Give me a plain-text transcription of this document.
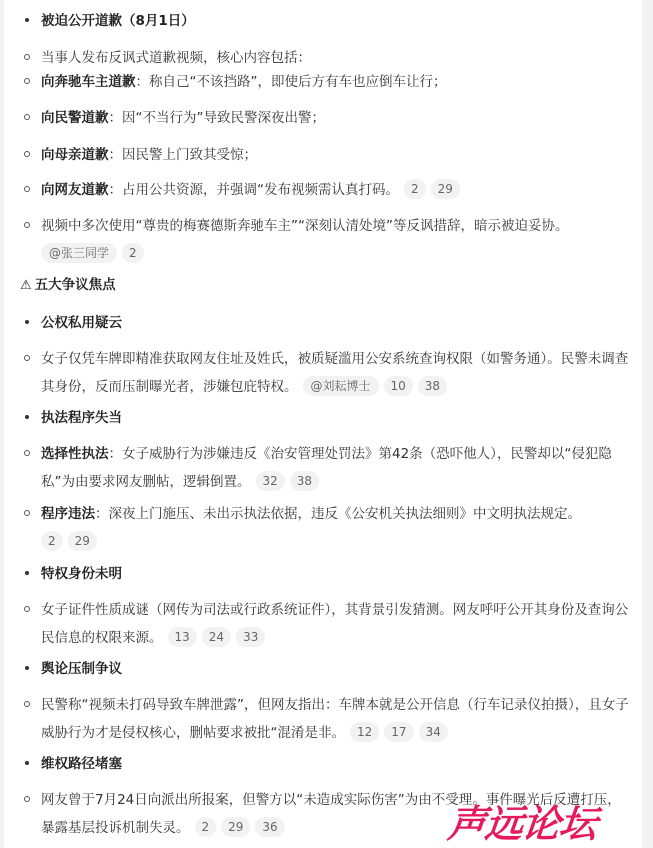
被迫公开道歉（8月1日）
当事人发布反讽式道歉视频，核心内容包括：
向奔驰车主道歉：称自己“不该挡路”，即使后方有车也应倒车让行；
向民警道歉：因“不当行为”导致民警深夜出警；
向母亲道歉：因民警上门致其受惊；
向网友道歉：占用公共资源，并强调“发布视频需认真打码。 2 29
视频中多次使用“尊贵的梅赛德斯奔驰车主”“深刻认清处境”等反讽措辞，暗示被迫妥协。
@张三同学 2
⚠ 五大争议焦点
公权私用疑云
女子仅凭车牌即精准获取网友住址及姓氏，被质疑滥用公安系统查询权限（如警务通）。民警未调查其身份，反而压制曝光者，涉嫌包庇特权。 @刘耘博士 10 38
执法程序失当
选择性执法：女子威胁行为涉嫌违反《治安管理处罚法》第42条（恐吓他人），民警却以“侵犯隐私”为由要求网友删帖，逻辑倒置。 32 38
程序违法：深夜上门施压、未出示执法依据，违反《公安机关执法细则》中文明执法规定。
2 29
特权身份未明
女子证件性质成谜（网传为司法或行政系统证件），其背景引发猜测。网友呼吁公开其身份及查询公民信息的权限来源。 13 24 33
舆论压制争议
民警称“视频未打码导致车牌泄露”，但网友指出：车牌本就是公开信息（行车记录仪拍摄），且女子威胁行为才是侵权核心，删帖要求被批“混淆是非。 12 17 34
维权路径堵塞
网友曾于7月24日向派出所报案，但警方以“未造成实际伤害”为由不受理。事件曝光后反遭打压，暴露基层投诉机制失灵。 2 29 36	声远论坛
